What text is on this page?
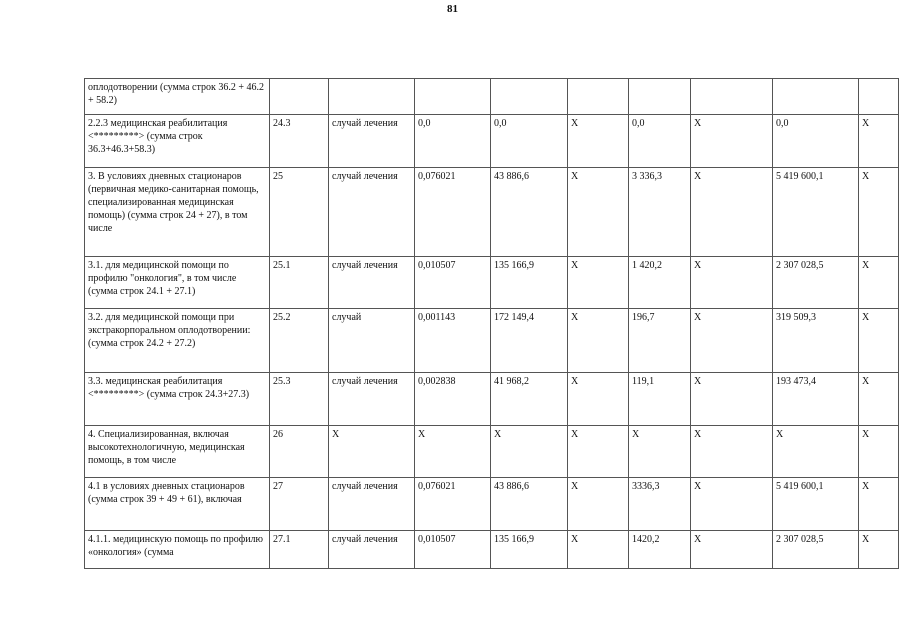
81
оплодотворении (сумма строк 36.2 + 46.2 + 58.2)									
2.2.3 медицинская реабилитация <*********> (сумма строк 36.3+46.3+58.3)	24.3	случай лечения	0,0	0,0	Х	0,0	Х	0,0	Х
3. В условиях дневных стационаров (первичная медико-санитарная помощь, специализированная медицинская помощь) (сумма строк 24 + 27), в том числе	25	случай лечения	0,076021	43 886,6	Х	3 336,3	Х	5 419 600,1	Х
3.1. для медицинской помощи по профилю "онкология", в том числе (сумма строк 24.1 + 27.1)	25.1	случай лечения	0,010507	135 166,9	Х	1 420,2	Х	2 307 028,5	Х
3.2. для медицинской помощи при экстракорпоральном оплодотворении: (сумма строк 24.2 + 27.2)	25.2	случай	0,001143	172 149,4	Х	196,7	Х	319 509,3	Х
3.3. медицинская реабилитация <*********> (сумма строк 24.3+27.3)	25.3	случай лечения	0,002838	41 968,2	Х	119,1	Х	193 473,4	Х
4. Специализированная, включая высокотехнологичную, медицинская помощь, в том числе	26	Х	Х	Х	Х	Х	Х	Х	Х
4.1 в условиях дневных стационаров (сумма строк 39 + 49 + 61), включая	27	случай лечения	0,076021	43 886,6	Х	3336,3	Х	5 419 600,1	Х
4.1.1. медицинскую помощь по профилю «онкология» (сумма	27.1	случай лечения	0,010507	135 166,9	Х	1420,2	Х	2 307 028,5	Х
